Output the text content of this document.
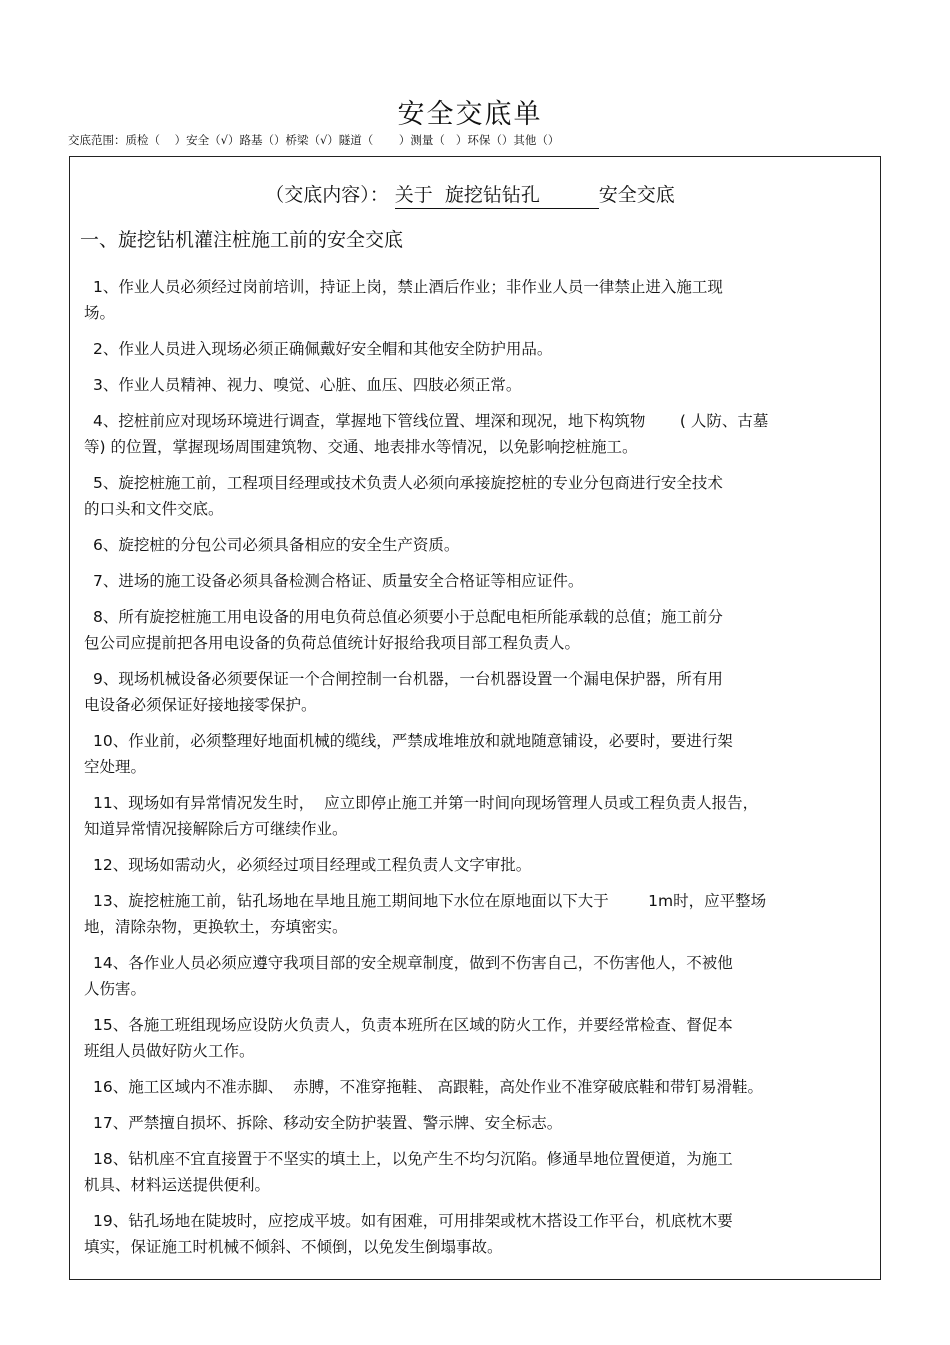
安全交底单
交底范围：质检（    ）安全（√）路基（）桥梁（√）隧道（       ）测量（   ）环保（）其他（）
（交底内容）： 关于  旋挖钻钻孔	安全交底
一、旋挖钻机灌注桩施工前的安全交底
1、作业人员必须经过岗前培训，持证上岗，禁止酒后作业；非作业人员一律禁止进入施工现
场。
2、作业人员进入现场必须正确佩戴好安全帽和其他安全防护用品。
3、作业人员精神、视力、嗅觉、心脏、血压、四肢必须正常。
4、挖桩前应对现场环境进行调查，掌握地下管线位置、埋深和现况，地下构筑物       ( 人防、古墓
等) 的位置，掌握现场周围建筑物、交通、地表排水等情况，以免影响挖桩施工。
5、旋挖桩施工前，工程项目经理或技术负责人必须向承接旋挖桩的专业分包商进行安全技术
的口头和文件交底。
6、旋挖桩的分包公司必须具备相应的安全生产资质。
7、进场的施工设备必须具备检测合格证、质量安全合格证等相应证件。
8、所有旋挖桩施工用电设备的用电负荷总值必须要小于总配电柜所能承载的总值；施工前分
包公司应提前把各用电设备的负荷总值统计好报给我项目部工程负责人。
9、现场机械设备必须要保证一个合闸控制一台机器，一台机器设置一个漏电保护器，所有用
电设备必须保证好接地接零保护。
10、作业前，必须整理好地面机械的缆线，严禁成堆堆放和就地随意铺设，必要时，要进行架
空处理。
11、现场如有异常情况发生时，  应立即停止施工并第一时间向现场管理人员或工程负责人报告，
知道异常情况接解除后方可继续作业。
12、现场如需动火，必须经过项目经理或工程负责人文字审批。
13、旋挖桩施工前，钻孔场地在旱地且施工期间地下水位在原地面以下大于        1m时，应平整场
地，清除杂物，更换软土，夯填密实。
14、各作业人员必须应遵守我项目部的安全规章制度，做到不伤害自己，不伤害他人，不被他
人伤害。
15、各施工班组现场应设防火负责人，负责本班所在区域的防火工作，并要经常检查、督促本
班组人员做好防火工作。
16、施工区域内不准赤脚、  赤膊，不准穿拖鞋、 高跟鞋，高处作业不准穿破底鞋和带钉易滑鞋。
17、严禁擅自损坏、拆除、移动安全防护装置、警示牌、安全标志。
18、钻机座不宜直接置于不坚实的填土上，以免产生不均匀沉陷。修通旱地位置便道，为施工
机具、材料运送提供便利。
19、钻孔场地在陡坡时，应挖成平坡。如有困难，可用排架或枕木搭设工作平台，机底枕木要
填实，保证施工时机械不倾斜、不倾倒，以免发生倒塌事故。
